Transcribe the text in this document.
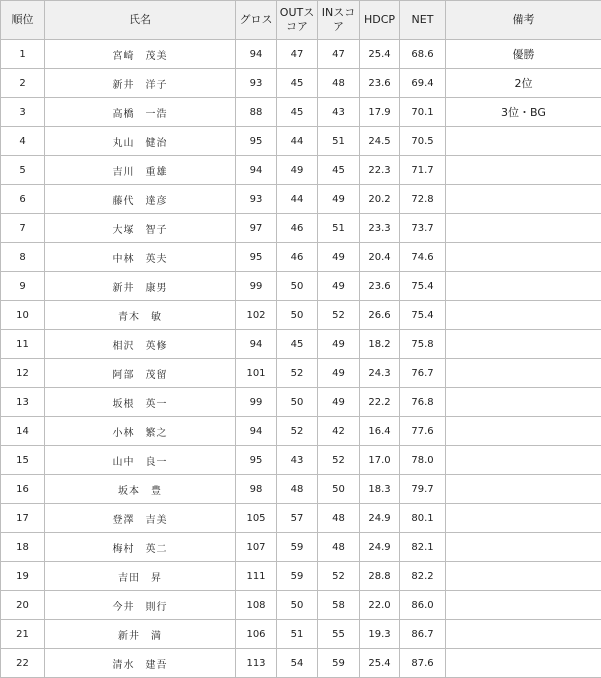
順位	氏名	グロス	OUTスコア	INスコア	HDCP	NET	備考
1	宮崎　茂美	94	47	47	25.4	68.6	優勝
2	新井　洋子	93	45	48	23.6	69.4	2位
3	高橋　一浩	88	45	43	17.9	70.1	3位・BG
4	丸山　健治	95	44	51	24.5	70.5	
5	吉川　重雄	94	49	45	22.3	71.7	
6	藤代　達彦	93	44	49	20.2	72.8	
7	大塚　智子	97	46	51	23.3	73.7	
8	中林　英夫	95	46	49	20.4	74.6	
9	新井　康男	99	50	49	23.6	75.4	
10	青木　敏	102	50	52	26.6	75.4	
11	相沢　英修	94	45	49	18.2	75.8	
12	阿部　茂留	101	52	49	24.3	76.7	
13	坂根　英一	99	50	49	22.2	76.8	
14	小林　繁之	94	52	42	16.4	77.6	
15	山中　良一	95	43	52	17.0	78.0	
16	坂本　豊	98	48	50	18.3	79.7	
17	登澤　吉美	105	57	48	24.9	80.1	
18	梅村　英二	107	59	48	24.9	82.1	
19	吉田　昇	111	59	52	28.8	82.2	
20	今井　則行	108	50	58	22.0	86.0	
21	新井　満	106	51	55	19.3	86.7	
22	清水　建吾	113	54	59	25.4	87.6	
